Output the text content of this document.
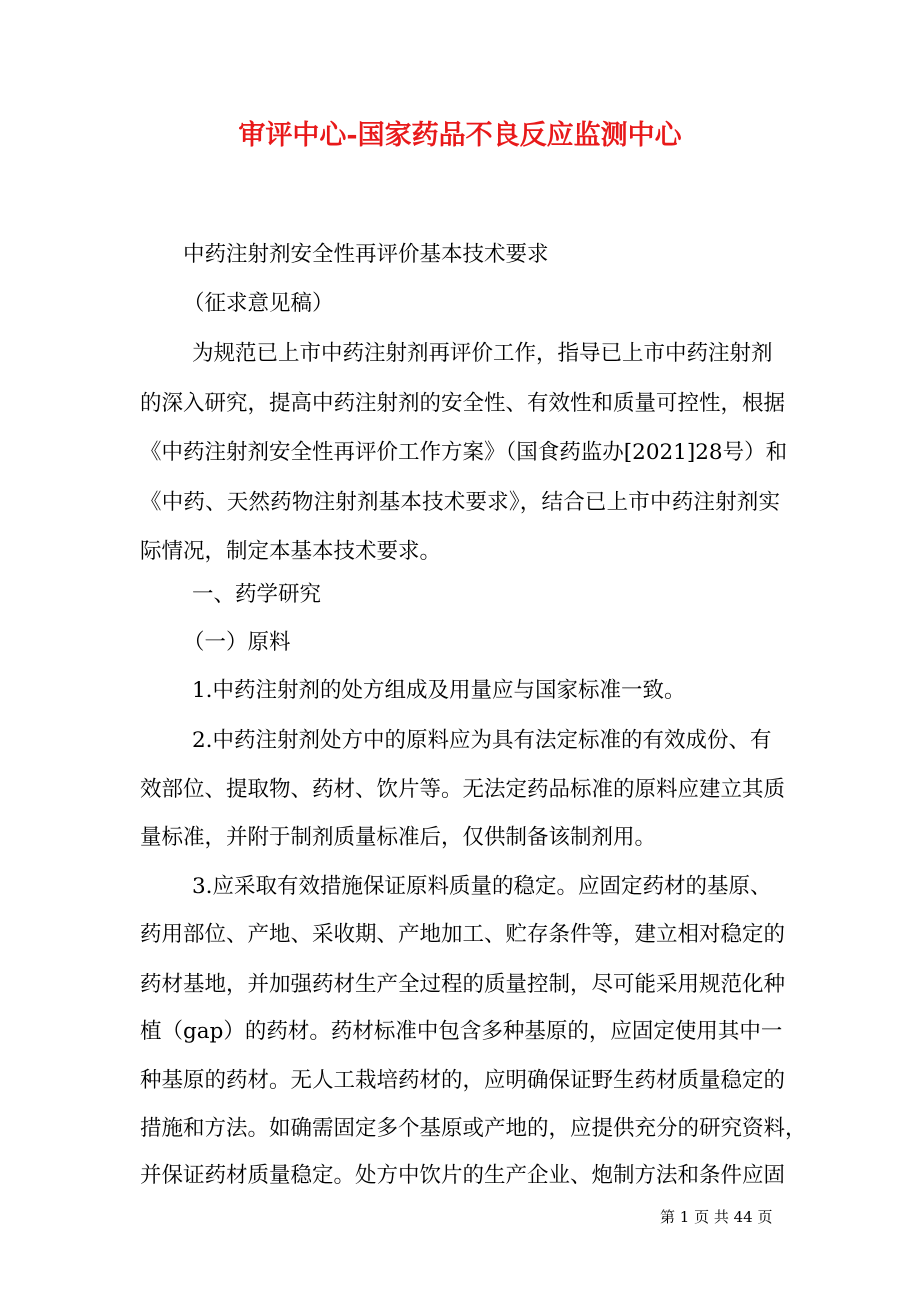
审评中心-国家药品不良反应监测中心
中药注射剂安全性再评价基本技术要求
（征求意见稿）
为规范已上市中药注射剂再评价工作，指导已上市中药注射剂
的深入研究，提高中药注射剂的安全性、有效性和质量可控性，根据
《中药注射剂安全性再评价工作方案》（国食药监办[2021]28号）和
《中药、天然药物注射剂基本技术要求》，结合已上市中药注射剂实
际情况，制定本基本技术要求。
一、药学研究
（一）原料
1.中药注射剂的处方组成及用量应与国家标准一致。
2.中药注射剂处方中的原料应为具有法定标准的有效成份、有
效部位、提取物、药材、饮片等。无法定药品标准的原料应建立其质
量标准，并附于制剂质量标准后，仅供制备该制剂用。
3.应采取有效措施保证原料质量的稳定。应固定药材的基原、
药用部位、产地、采收期、产地加工、贮存条件等，建立相对稳定的
药材基地，并加强药材生产全过程的质量控制，尽可能采用规范化种
植（gap）的药材。药材标准中包含多种基原的，应固定使用其中一
种基原的药材。无人工栽培药材的，应明确保证野生药材质量稳定的
措施和方法。如确需固定多个基原或产地的，应提供充分的研究资料，
并保证药材质量稳定。处方中饮片的生产企业、炮制方法和条件应固
第 1 页 共 44 页
